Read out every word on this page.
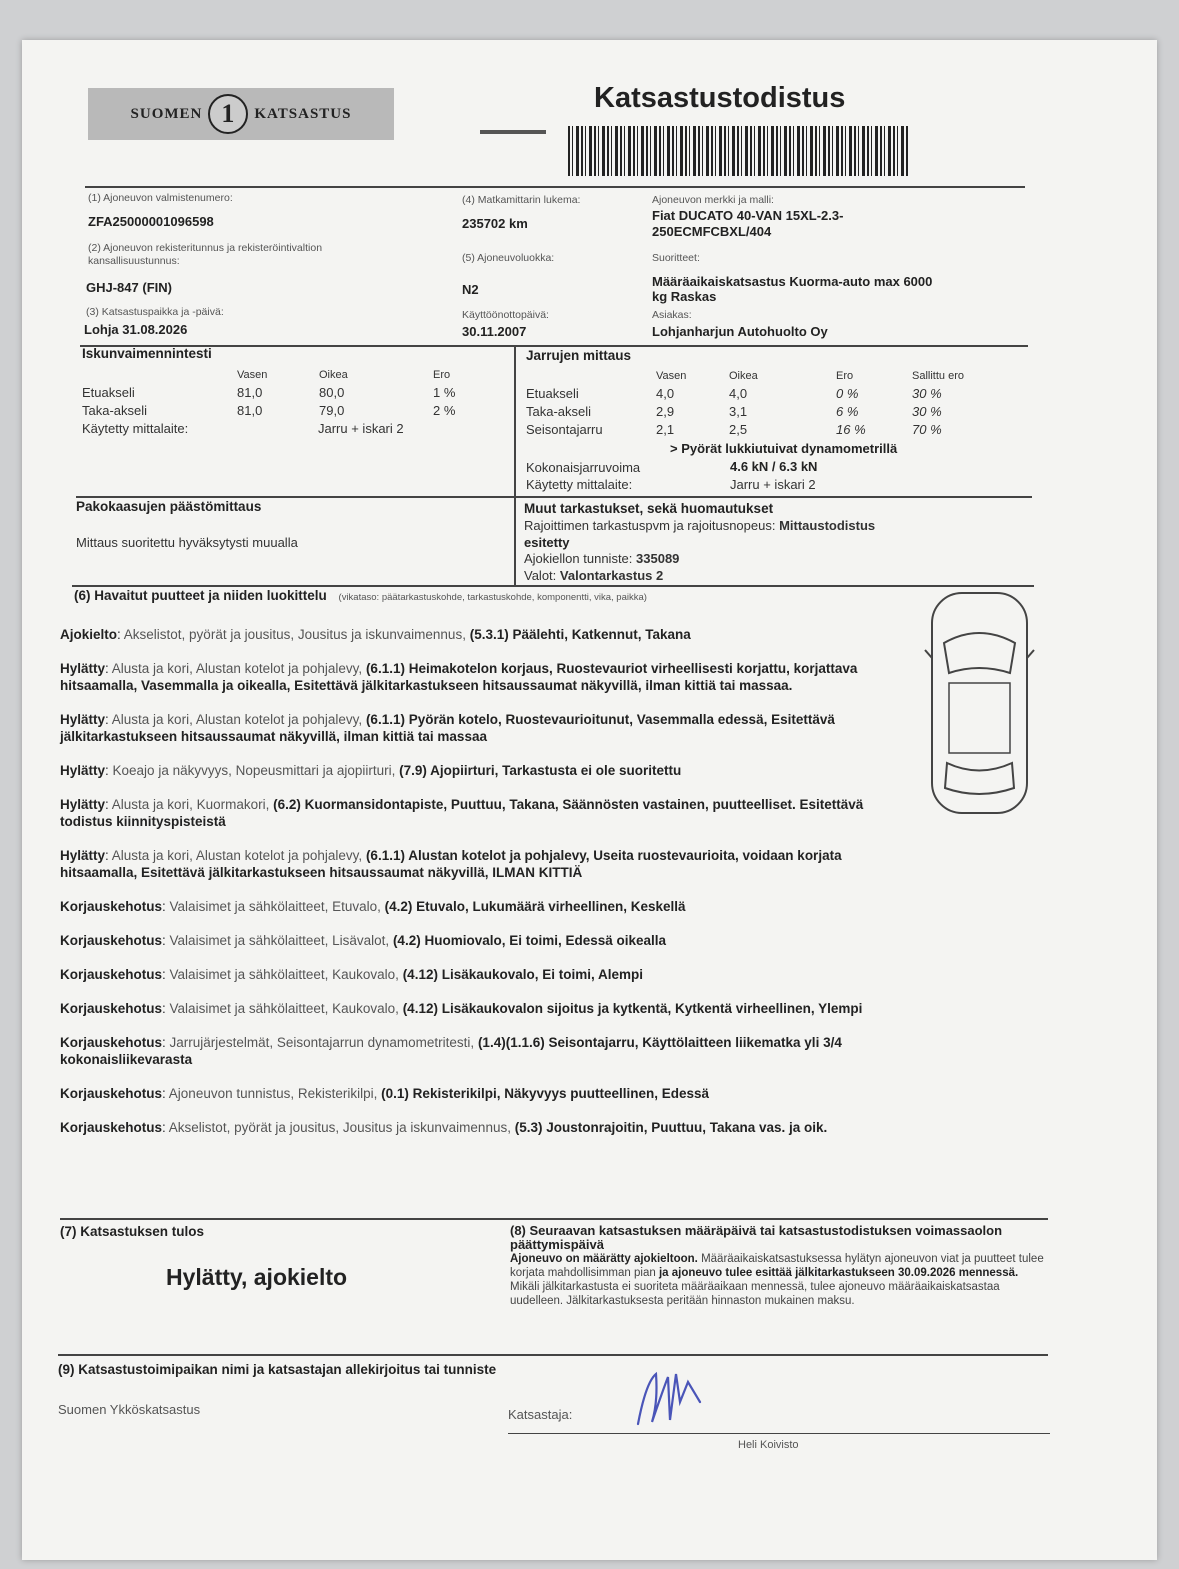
SUOMEN 1	KATSASTUS	Katsastustodistus
(1) Ajoneuvon valmistenumero:
ZFA25000001096598
(2) Ajoneuvon rekisteritunnus ja rekisteröintivaltion
kansallisuustunnus:
GHJ-847 (FIN)
(3) Katsastuspaikka ja -päivä:
Lohja 31.08.2026
(4) Matkamittarin lukema:
235702 km
(5) Ajoneuvoluokka:
N2
Käyttöönottopäivä:
30.11.2007
Ajoneuvon merkki ja malli:
Fiat DUCATO 40-VAN 15XL-2.3-
250ECMFCBXL/404
Suoritteet:
Määräaikaiskatsastus Kuorma-auto max 6000
kg Raskas
Asiakas:
Lohjanharjun Autohuolto Oy
Iskunvaimennintesti
Vasen	Oikea	Ero
Etuakseli	81,0	80,0	1 %
Taka-akseli	81,0	79,0	2 %
Käytetty mittalaite:	Jarru + iskari 2
Jarrujen mittaus
Vasen	Oikea	Ero	Sallittu ero
Etuakseli	4,0	4,0	0 %	30 %
Taka-akseli	2,9	3,1	6 %	30 %
Seisontajarru	2,1	2,5	16 %	70 %
> Pyörät lukkiutuivat dynamometrillä
Kokonaisjarruvoima	4.6 kN / 6.3 kN
Käytetty mittalaite:	Jarru + iskari 2
Pakokaasujen päästömittaus
Mittaus suoritettu hyväksytysti muualla
Muut tarkastukset, sekä huomautukset
Rajoittimen tarkastuspvm ja rajoitusnopeus: Mittaustodistus
esitetty
Ajokiellon tunniste: 335089
Valot: Valontarkastus 2
(6) Havaitut puutteet ja niiden luokittelu (vikataso: päätarkastuskohde, tarkastuskohde, komponentti, vika, paikka)
Ajokielto: Akselistot, pyörät ja jousitus, Jousitus ja iskunvaimennus, (5.3.1) Päälehti, Katkennut, Takana
Hylätty: Alusta ja kori, Alustan kotelot ja pohjalevy, (6.1.1) Heimakotelon korjaus, Ruostevauriot virheellisesti korjattu, korjattava hitsaamalla, Vasemmalla ja oikealla, Esitettävä jälkitarkastukseen hitsaussaumat näkyvillä, ilman kittiä tai massaa.
Hylätty: Alusta ja kori, Alustan kotelot ja pohjalevy, (6.1.1) Pyörän kotelo, Ruostevaurioitunut, Vasemmalla edessä, Esitettävä jälkitarkastukseen hitsaussaumat näkyvillä, ilman kittiä tai massaa
Hylätty: Koeajo ja näkyvyys, Nopeusmittari ja ajopiirturi, (7.9) Ajopiirturi, Tarkastusta ei ole suoritettu
Hylätty: Alusta ja kori, Kuormakori, (6.2) Kuormansidontapiste, Puuttuu, Takana, Säännösten vastainen, puutteelliset. Esitettävä todistus kiinnityspisteistä
Hylätty: Alusta ja kori, Alustan kotelot ja pohjalevy, (6.1.1) Alustan kotelot ja pohjalevy, Useita ruostevaurioita, voidaan korjata hitsaamalla, Esitettävä jälkitarkastukseen hitsaussaumat näkyvillä, ILMAN KITTIÄ
Korjauskehotus: Valaisimet ja sähkölaitteet, Etuvalo, (4.2) Etuvalo, Lukumäärä virheellinen, Keskellä
Korjauskehotus: Valaisimet ja sähkölaitteet, Lisävalot, (4.2) Huomiovalo, Ei toimi, Edessä oikealla
Korjauskehotus: Valaisimet ja sähkölaitteet, Kaukovalo, (4.12) Lisäkaukovalo, Ei toimi, Alempi
Korjauskehotus: Valaisimet ja sähkölaitteet, Kaukovalo, (4.12) Lisäkaukovalon sijoitus ja kytkentä, Kytkentä virheellinen, Ylempi
Korjauskehotus: Jarrujärjestelmät, Seisontajarrun dynamometritesti, (1.4)(1.1.6) Seisontajarru, Käyttölaitteen liikematka yli 3/4 kokonaisliikevarasta
Korjauskehotus: Ajoneuvon tunnistus, Rekisterikilpi, (0.1) Rekisterikilpi, Näkyvyys puutteellinen, Edessä
Korjauskehotus: Akselistot, pyörät ja jousitus, Jousitus ja iskunvaimennus, (5.3) Joustonrajoitin, Puuttuu, Takana vas. ja oik.
(7) Katsastuksen tulos
Hylätty, ajokielto
(8) Seuraavan katsastuksen määräpäivä tai katsastustodistuksen voimassaolon päättymispäivä
Ajoneuvo on määrätty ajokieltoon. Määräaikaiskatsastuksessa hylätyn ajoneuvon viat ja puutteet tulee korjata mahdollisimman pian ja ajoneuvo tulee esittää jälkitarkastukseen 30.09.2026 mennessä. Mikäli jälkitarkastusta ei suoriteta määräaikaan mennessä, tulee ajoneuvo määräaikaiskatsastaa uudelleen. Jälkitarkastuksesta peritään hinnaston mukainen maksu.
(9) Katsastustoimipaikan nimi ja katsastajan allekirjoitus tai tunniste
Suomen Ykköskatsastus	Katsastaja:
Heli Koivisto
